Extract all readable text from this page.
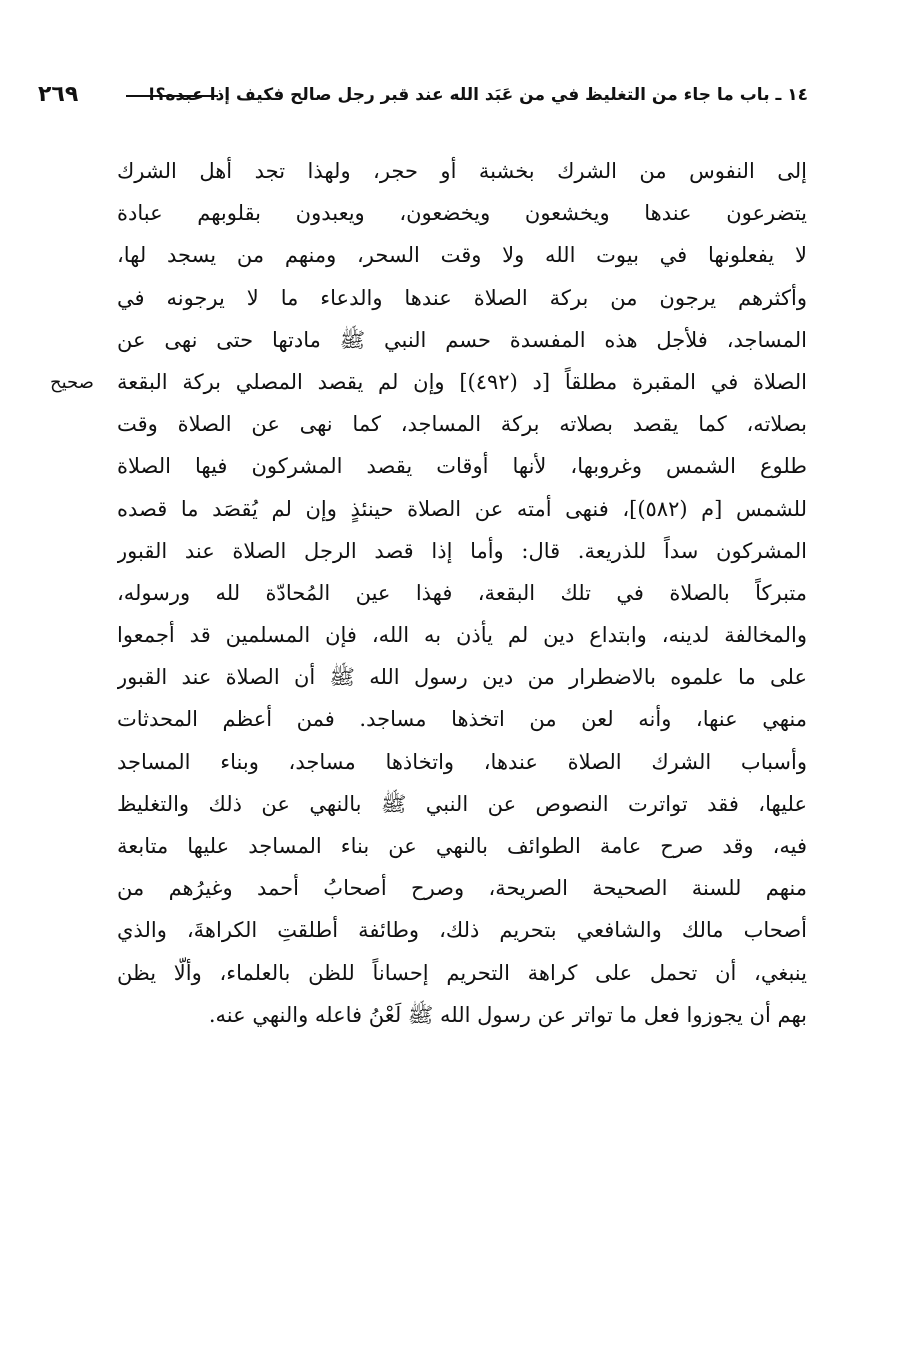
١٤ ـ باب ما جاء من التغليظ في من عَبَد الله عند قبر رجل صالح فكيف إذا عبده؟!
٢٦٩
صحيح
إلى النفوس من الشرك بخشبة أو حجر، ولهذا تجد أهل الشرك
يتضرعون عندها ويخشعون ويخضعون، ويعبدون بقلوبهم عبادة
لا يفعلونها في بيوت الله ولا وقت السحر، ومنهم من يسجد لها،
وأكثرهم يرجون من بركة الصلاة عندها والدعاء ما لا يرجونه في
المساجد، فلأجل هذه المفسدة حسم النبي ﷺ مادتها حتى نهى عن
الصلاة في المقبرة مطلقاً [د (٤٩٢)] وإن لم يقصد المصلي بركة البقعة
بصلاته، كما يقصد بصلاته بركة المساجد، كما نهى عن الصلاة وقت
طلوع الشمس وغروبها، لأنها أوقات يقصد المشركون فيها الصلاة
للشمس [م (٥٨٢)]، فنهى أمته عن الصلاة حينئذٍ وإن لم يُقصَد ما قصده
المشركون سداً للذريعة. قال: وأما إذا قصد الرجل الصلاة عند القبور
متبركاً بالصلاة في تلك البقعة، فهذا عين المُحادّة لله ورسوله،
والمخالفة لدينه، وابتداع دين لم يأذن به الله، فإن المسلمين قد أجمعوا
على ما علموه بالاضطرار من دين رسول الله ﷺ أن الصلاة عند القبور
منهي عنها، وأنه لعن من اتخذها مساجد. فمن أعظم المحدثات
وأسباب الشرك الصلاة عندها، واتخاذها مساجد، وبناء المساجد
عليها، فقد تواترت النصوص عن النبي ﷺ بالنهي عن ذلك والتغليظ
فيه، وقد صرح عامة الطوائف بالنهي عن بناء المساجد عليها متابعة
منهم للسنة الصحيحة الصريحة، وصرح أصحابُ أحمد وغيرُهم من
أصحاب مالك والشافعي بتحريم ذلك، وطائفة أطلقتِ الكراهةَ، والذي
ينبغي، أن تحمل على كراهة التحريم إحساناً للظن بالعلماء، وألّا يظن
بهم أن يجوزوا فعل ما تواتر عن رسول الله ﷺ لَعْنُ فاعله والنهي عنه.
